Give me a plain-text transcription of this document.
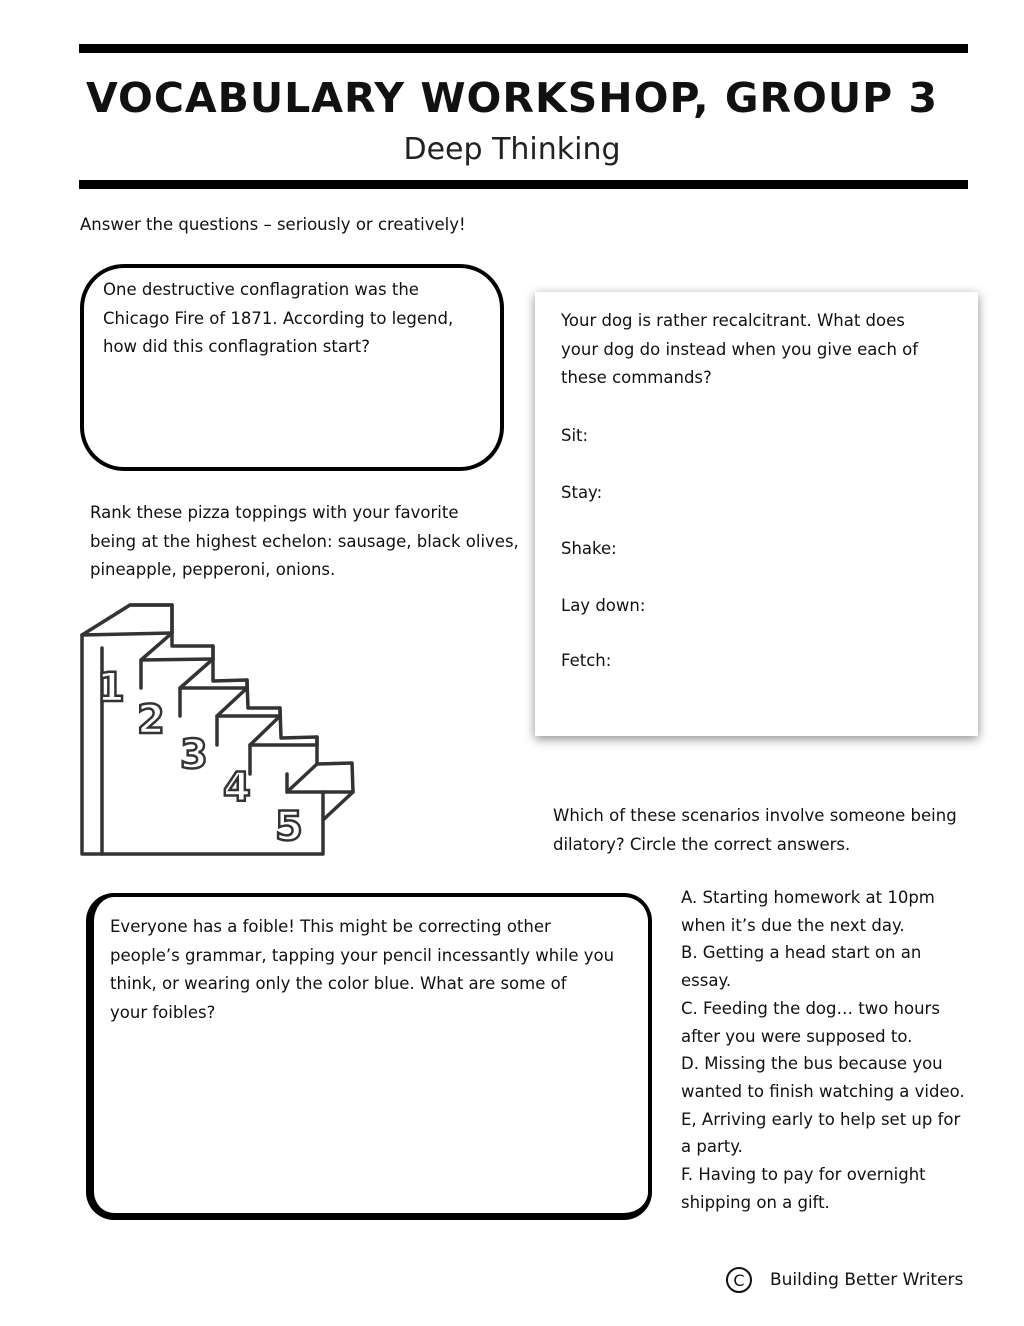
VOCABULARY WORKSHOP, GROUP 3
Deep Thinking
Answer the questions – seriously or creatively!
One destructive conflagration was the
Chicago Fire of 1871. According to legend,
how did this conflagration start?
Rank these pizza toppings with your favorite
being at the highest echelon: sausage, black olives,
pineapple, pepperoni, onions.
1
2
3
4
5
Your dog is rather recalcitrant. What does
your dog do instead when you give each of
these commands?
Sit:
Stay:
Shake:
Lay down:
Fetch:
Which of these scenarios involve someone being
dilatory? Circle the correct answers.
A. Starting homework at 10pm
when it’s due the next day.
B. Getting a head start on an
essay.
C. Feeding the dog… two hours
after you were supposed to.
D. Missing the bus because you
wanted to finish watching a video.
E, Arriving early to help set up for
a party.
F. Having to pay for overnight
shipping on a gift.
Everyone has a foible! This might be correcting other
people’s grammar, tapping your pencil incessantly while you
think, or wearing only the color blue. What are some of
your foibles?
C	Building Better Writers
